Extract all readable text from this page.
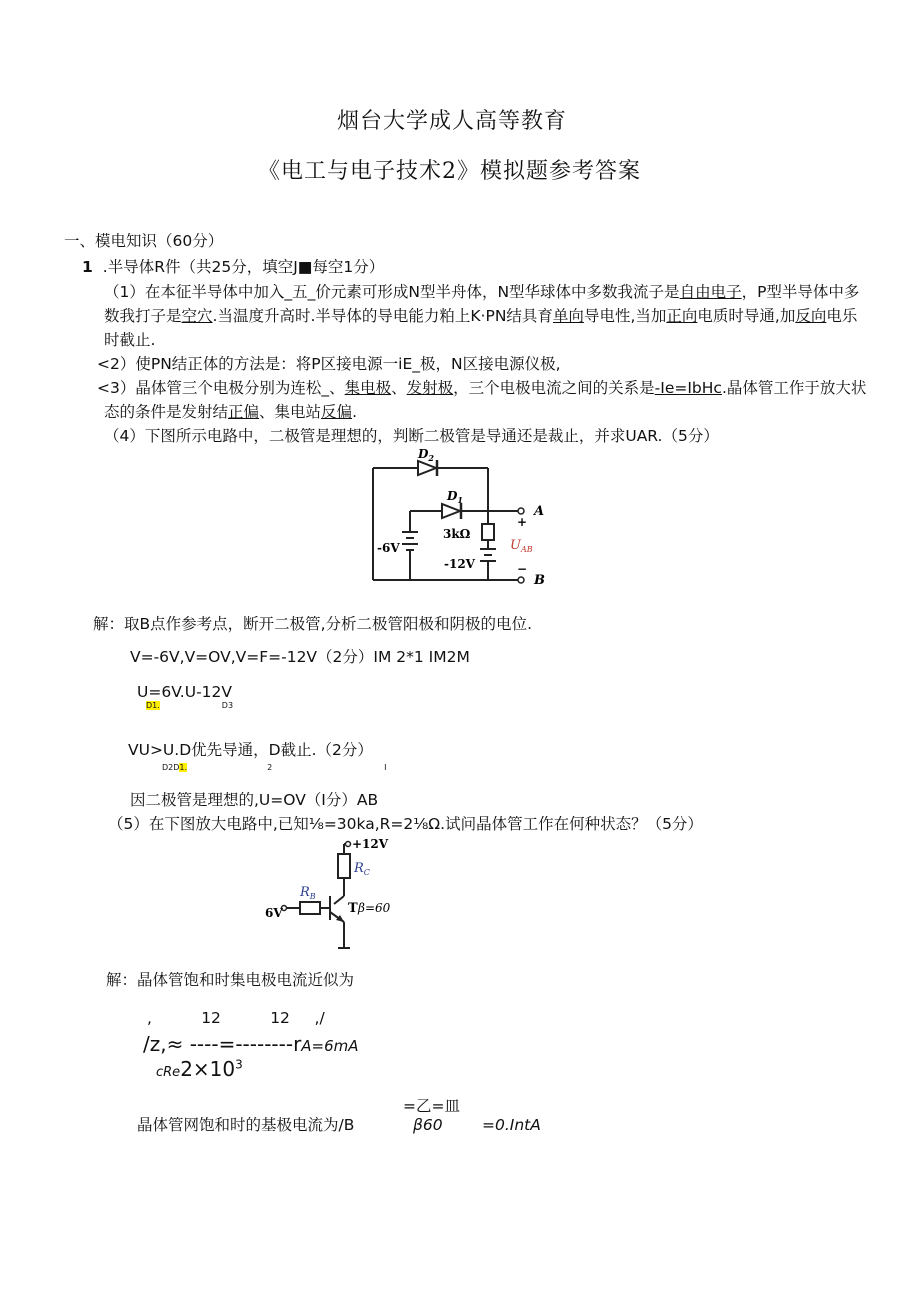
烟台大学成人高等教育
《电工与电子技术2》模拟题参考答案
一、模电知识（60分）
1 .半导体R件（共25分，填空J■每空1分）
（1）在本征半导体中加入_五_价元素可形成N型半舟体，N型华球体中多数我流子是自由电子，P型半导体中多
数我打子是空穴.当温度升高时.半导体的导电能力粕上K·PN结具育单向导电性,当加正向电质时导通,加反向电乐
时截止.
<2）使PN结正体的方法是：将P区接电源一iE_极，N区接电源仪极,
<3）晶体管三个电极分别为连松_、集电极、发射极，三个电极电流之间的关系是-Ie=IbHc.晶体管工作于放大状
态的条件是发射结正偏、集电站反偏.
（4）下图所示电路中，二极管是理想的，判断二极管是导通还是裁止，并求UAR.（5分）
$D_2$
$D_1$
3kΩ
-6V
-12V
+
−
A
B
$U_{AB}$
解：取B点作参考点，断开二极管,分析二极管阳极和阴极的电位.
V=-6V,V=OV,V=F=-12V（2分）IM 2*1 IM2M
U=6V.U-12V
D1.	D3
VU>U.D优先导通，D截止.（2分）
D2D1.	2	I
因二极管是理想的,U=OV（I分）AB
（5）在下图放大电路中,已知⅛=30ka,R=2⅛Ω.试问晶体管工作在何种状态？（5分）
+12V
$R_C$
$R_B$
6V	T β=60
解：晶体管饱和时集电极电流近似为
,          12          12     ,/
/z,≈ ----=--------rA=6mA
$cRe2\times 10^3$
=乙=皿
晶体管网饱和时的基极电流为/B	β60	=0.IntA
